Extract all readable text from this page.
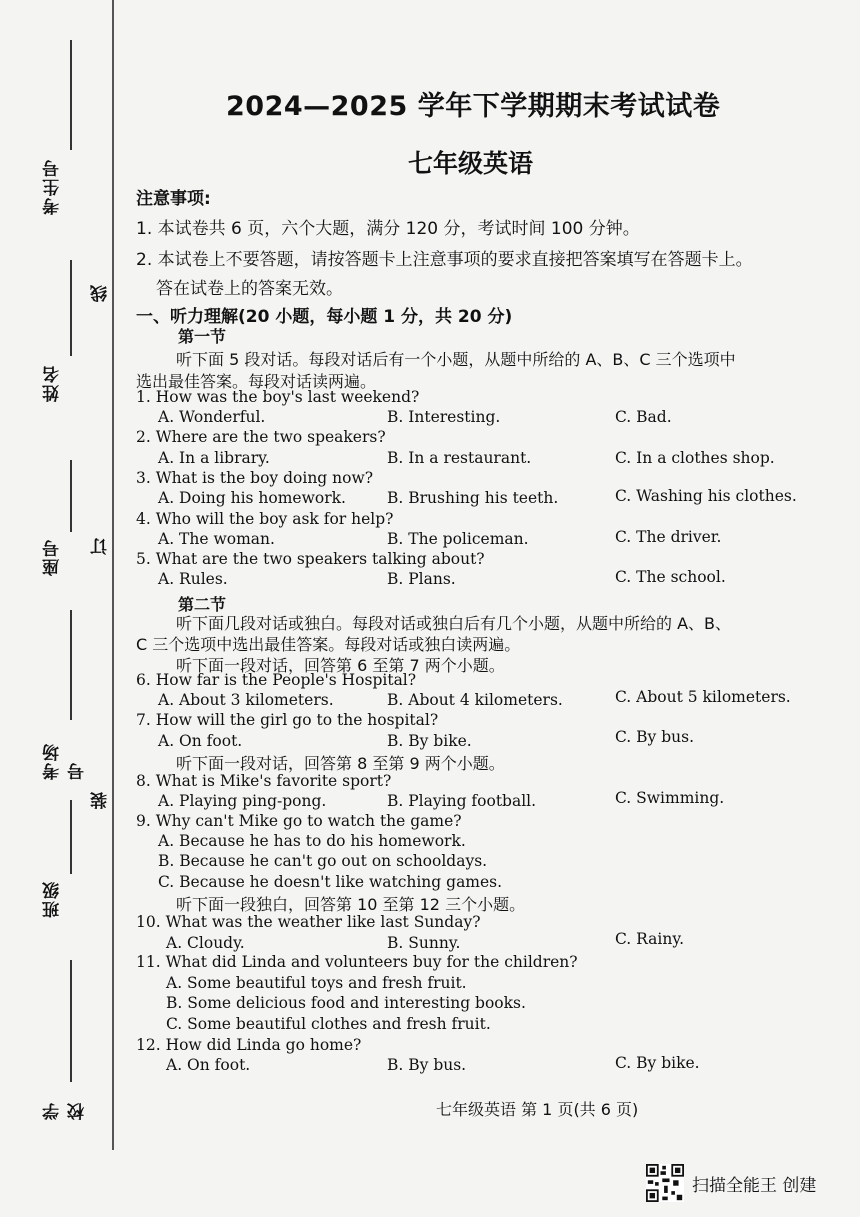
考生号
姓名
座号
考场号
班级
学校
线
订
装
2024—2025 学年下学期期末考试试卷
七年级英语
注意事项:
1. 本试卷共 6 页，六个大题，满分 120 分，考试时间 100 分钟。
2. 本试卷上不要答题，请按答题卡上注意事项的要求直接把答案填写在答题卡上。
答在试卷上的答案无效。
一、听力理解(20 小题，每小题 1 分，共 20 分)
第一节
听下面 5 段对话。每段对话后有一个小题，从题中所给的 A、B、C 三个选项中
选出最佳答案。每段对话读两遍。
第二节
听下面几段对话或独白。每段对话或独白后有几个小题，从题中所给的 A、B、
C 三个选项中选出最佳答案。每段对话或独白读两遍。
听下面一段对话，回答第 6 至第 7 两个小题。
听下面一段对话，回答第 8 至第 9 两个小题。
听下面一段独白，回答第 10 至第 12 三个小题。
1. How was the boy's last weekend?
A. Wonderful.	B. Interesting.	C. Bad.
2. Where are the two speakers?
A. In a library.	B. In a restaurant.	C. In a clothes shop.
3. What is the boy doing now?
A. Doing his homework.	B. Brushing his teeth.	C. Washing his clothes.
4. Who will the boy ask for help?
A. The woman.	B. The policeman.	C. The driver.
5. What are the two speakers talking about?
A. Rules.	B. Plans.	C. The school.
6. How far is the People's Hospital?
A. About 3 kilometers.	B. About 4 kilometers.	C. About 5 kilometers.
7. How will the girl go to the hospital?
A. On foot.	B. By bike.	C. By bus.
8. What is Mike's favorite sport?
A. Playing ping-pong.	B. Playing football.	C. Swimming.
9. Why can't Mike go to watch the game?
A. Because he has to do his homework.
B. Because he can't go out on schooldays.
C. Because he doesn't like watching games.
10. What was the weather like last Sunday?
A. Cloudy.	B. Sunny.	C. Rainy.
11. What did Linda and volunteers buy for the children?
A. Some beautiful toys and fresh fruit.
B. Some delicious food and interesting books.
C. Some beautiful clothes and fresh fruit.
12. How did Linda go home?
A. On foot.	B. By bus.	C. By bike.
七年级英语 第 1 页(共 6 页)
扫描全能王 创建
